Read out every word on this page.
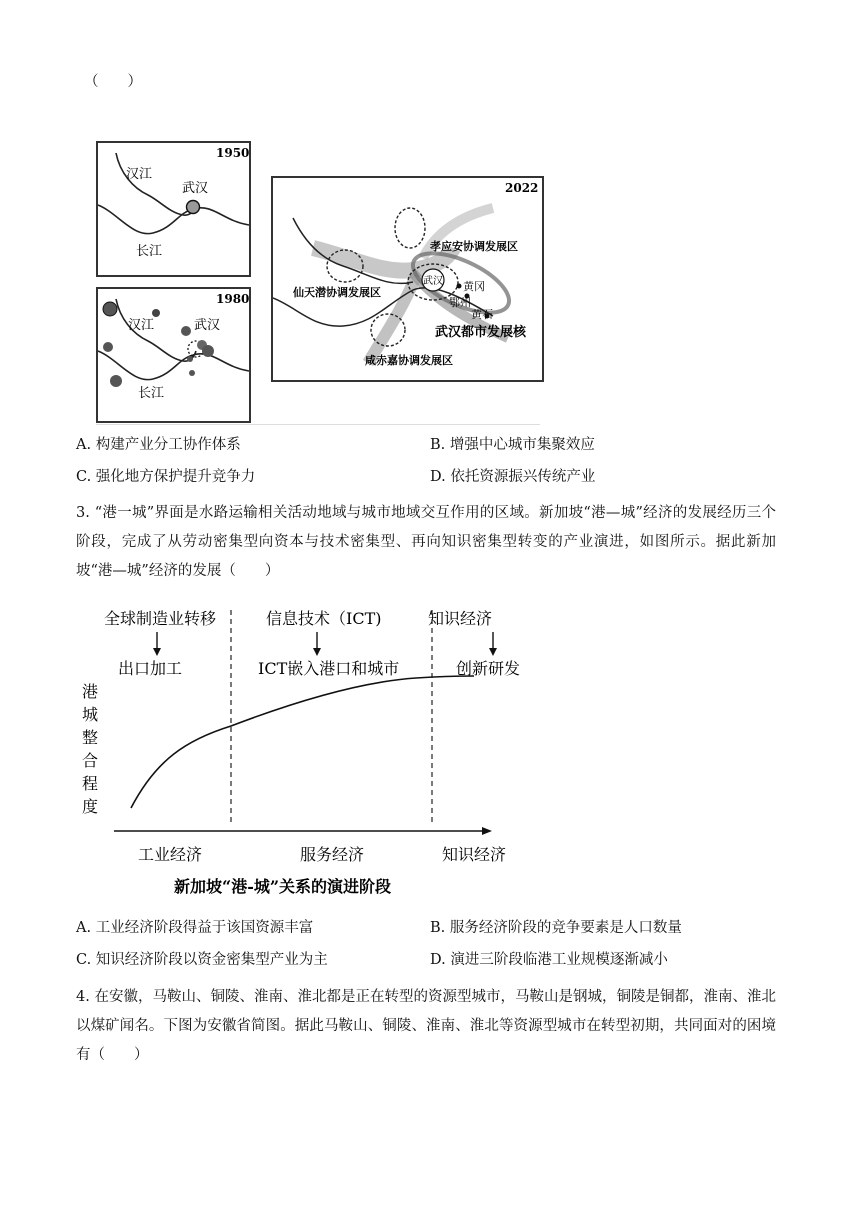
（　　）
1950
汉江
武汉
长江
1980
汉江	武汉
长江
2022
孝应安协调发展区
仙天潜协调发展区
咸赤嘉协调发展区
武汉 黄冈
鄂州
黄石
武汉都市发展核
A. 构建产业分工协作体系	B. 增强中心城市集聚效应
C. 强化地方保护提升竞争力	D. 依托资源振兴传统产业
3. “港一城”界面是水路运输相关活动地域与城市地域交互作用的区域。新加坡“港—城”经济的发展经历三个阶段，完成了从劳动密集型向资本与技术密集型、再向知识密集型转变的产业演进，如图所示。据此新加坡“港—城”经济的发展（　　）
全球制造业转移	信息技术（ICT)	知识经济
出口加工	ICT嵌入港口和城市	创新研发
港
城
整
合
程
度
工业经济	服务经济	知识经济
新加坡“港-城”关系的演进阶段
A. 工业经济阶段得益于该国资源丰富	B. 服务经济阶段的竞争要素是人口数量
C. 知识经济阶段以资金密集型产业为主	D. 演进三阶段临港工业规模逐渐减小
4. 在安徽，马鞍山、铜陵、淮南、淮北都是正在转型的资源型城市，马鞍山是钢城，铜陵是铜都，淮南、淮北以煤矿闻名。下图为安徽省简图。据此马鞍山、铜陵、淮南、淮北等资源型城市在转型初期，共同面对的困境有（　　）
